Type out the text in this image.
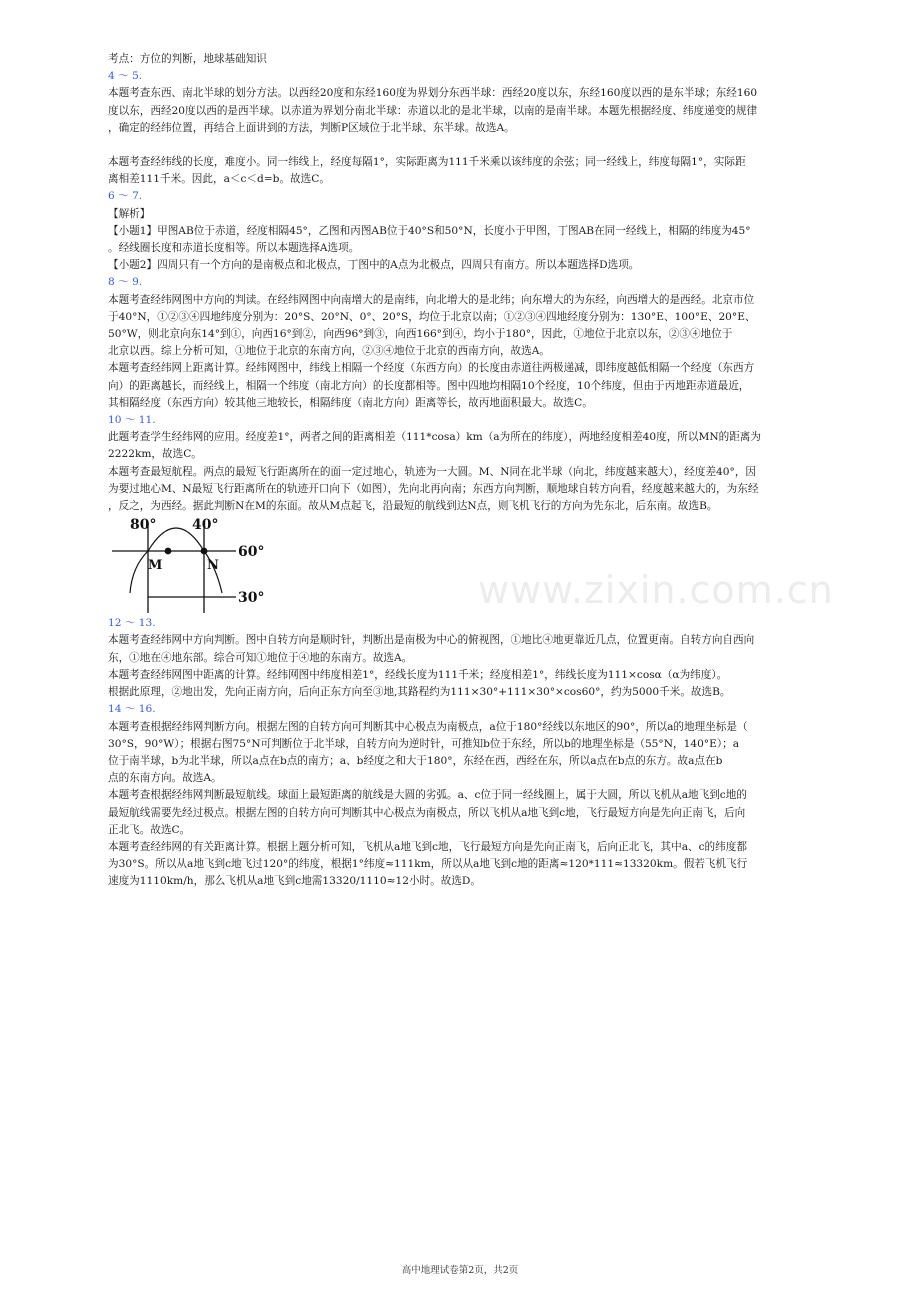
考点：方位的判断，地球基础知识

4 ～ 5.

本题考查东西、南北半球的划分方法。以西经20度和东经160度为界划分东西半球：西经20度以东，东经160度以西的是东半球；东经160

度以东，西经20度以西的是西半球。以赤道为界划分南北半球：赤道以北的是北半球，以南的是南半球。本题先根据经度、纬度递变的规律

，确定的经纬位置，再结合上面讲到的方法，判断P区域位于北半球、东半球。故选A。

本题考查经纬线的长度，难度小。同一纬线上，经度每隔1°，实际距离为111千米乘以该纬度的余弦；同一经线上，纬度每隔1°，实际距

离相差111千米。因此，a＜c＜d=b。故选C。

6 ～ 7.

【解析】

【小题1】甲图AB位于赤道，经度相隔45°，乙图和丙图AB位于40°S和50°N，长度小于甲图，丁图AB在同一经线上，相隔的纬度为45°

。经线圈长度和赤道长度相等。所以本题选择A选项。

【小题2】四周只有一个方向的是南极点和北极点，丁图中的A点为北极点，四周只有南方。所以本题选择D选项。

8 ～ 9.

本题考查经纬网图中方向的判读。在经纬网图中向南增大的是南纬，向北增大的是北纬；向东增大的为东经，向西增大的是西经。北京市位

于40°N，①②③④四地纬度分别为：20°S、20°N、0°、20°S，均位于北京以南；①②③④四地经度分别为：130°E、100°E、20°E、

50°W，则北京向东14°到①，向西16°到②，向西96°到③，向西166°到④，均小于180°，因此，①地位于北京以东，②③④地位于

北京以西。综上分析可知，①地位于北京的东南方向，②③④地位于北京的西南方向，故选A。

本题考查经纬网上距离计算。经纬网图中，纬线上相隔一个经度（东西方向）的长度由赤道往两极递减，即纬度越低相隔一个经度（东西方

向）的距离越长，而经线上，相隔一个纬度（南北方向）的长度都相等。图中四地均相隔10个经度，10个纬度，但由于丙地距赤道最近，

其相隔经度（东西方向）较其他三地较长，相隔纬度（南北方向）距离等长，故丙地面积最大。故选C。

10 ～ 11.

此题考查学生经纬网的应用。经度差1°，两者之间的距离相差（111*cosa）km（a为所在的纬度），两地经度相差40度，所以MN的距离为

2222km，故选C。

本题考查最短航程。两点的最短飞行距离所在的面一定过地心，轨迹为一大圆。M、N同在北半球（向北，纬度越来越大），经度差40°，因

为要过地心M、N最短飞行距离所在的轨迹开口向下（如图），先向北再向南；东西方向判断，顺地球自转方向看，经度越来越大的，为东经

，反之，为西经。据此判断N在M的东面。故从M点起飞，沿最短的航线到达N点，则飞机飞行的方向为先东北，后东南。故选B。

80°	40°
60°
30°
M	N

12 ～ 13.

本题考查经纬网中方向判断。图中自转方向是顺时针，判断出是南极为中心的俯视图，①地比④地更靠近几点，位置更南。自转方向自西向

东，①地在④地东部。综合可知①地位于④地的东南方。故选A。

本题考查经纬网图中距离的计算。经纬网图中纬度相差1°，经线长度为111千米；经度相差1°，纬线长度为111×cosα（α为纬度）。

根据此原理，②地出发，先向正南方向，后向正东方向至③地,其路程约为111×30°+111×30°×cos60°，约为5000千米。故选B。

14 ～ 16.

本题考查根据经纬网判断方向。根据左图的自转方向可判断其中心极点为南极点，a位于180°经线以东地区的90°，所以a的地理坐标是（

30°S，90°W）；根据右图75°N可判断位于北半球，自转方向为逆时针，可推知b位于东经，所以b的地理坐标是（55°N，140°E）；a

位于南半球，b为北半球，所以a点在b点的南方；a、b经度之和大于180°，东经在西，西经在东，所以a点在b点的东方。故a点在b

点的东南方向。故选A。

本题考查根据经纬网判断最短航线。球面上最短距离的航线是大圆的劣弧。a、c位于同一经线圈上，属于大圆，所以飞机从a地飞到c地的

最短航线需要先经过极点。根据左图的自转方向可判断其中心极点为南极点，所以飞机从a地飞到c地，飞行最短方向是先向正南飞，后向

正北飞。故选C。

本题考查经纬网的有关距离计算。根据上题分析可知，飞机从a地飞到c地，飞行最短方向是先向正南飞，后向正北飞，其中a、c的纬度都

为30°S。所以从a地飞到c地飞过120°的纬度，根据1°纬度≈111km，所以从a地飞到c地的距离≈120*111≈13320km。假若飞机飞行

速度为1110km/h，那么飞机从a地飞到c地需13320/1110≈12小时。故选D。

www.zixin.com.cn
高中地理试卷第2页，共2页
